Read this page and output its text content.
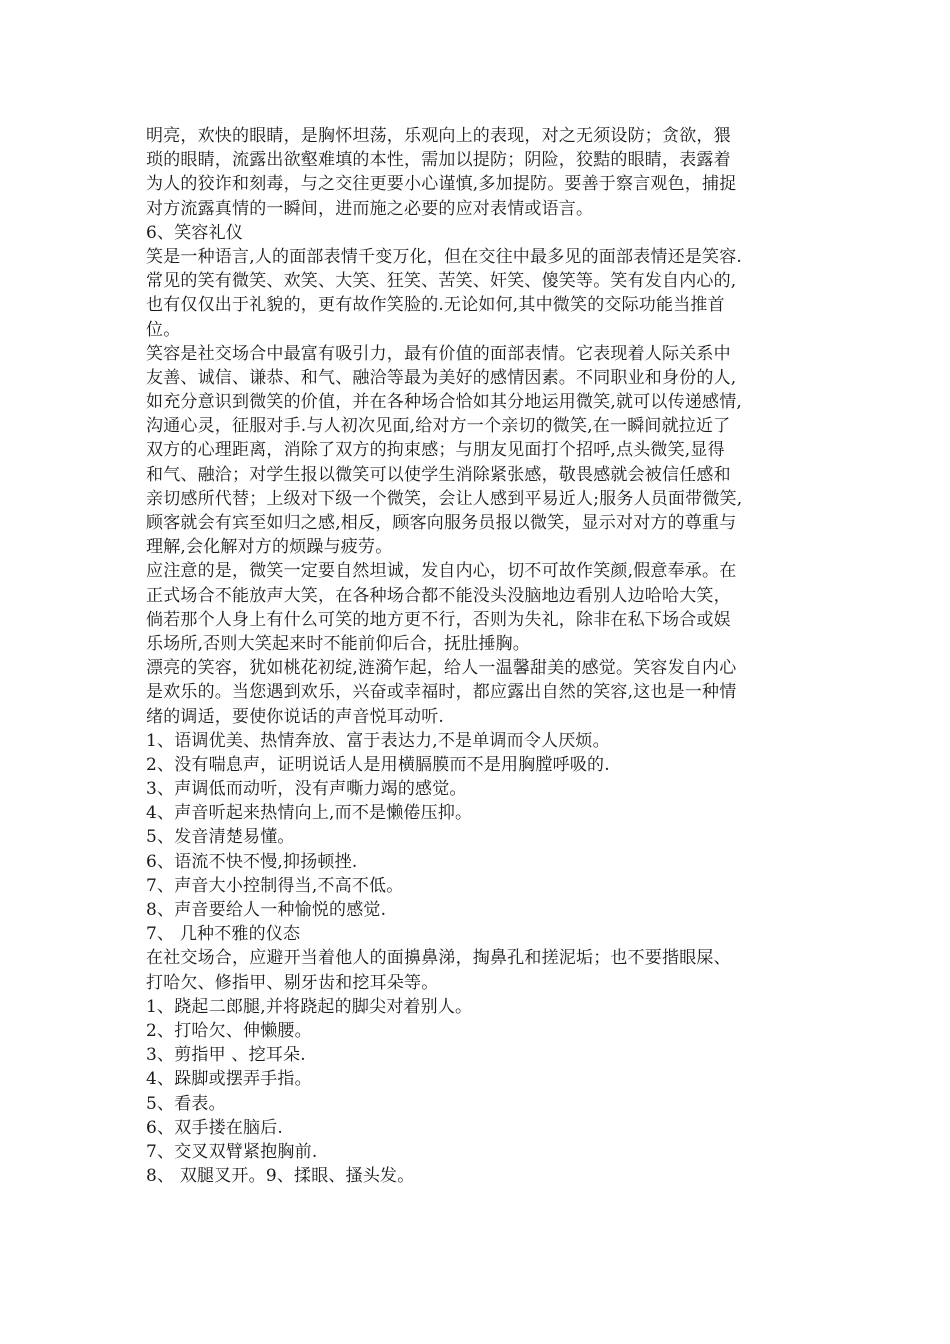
明亮，欢快的眼睛，是胸怀坦荡，乐观向上的表现，对之无须设防；贪欲，猥
琐的眼睛，流露出欲壑难填的本性，需加以提防；阴险，狡黠的眼睛，表露着
为人的狡诈和刻毒，与之交往更要小心谨慎,多加提防。要善于察言观色，捕捉
对方流露真情的一瞬间，进而施之必要的应对表情或语言。
6、笑容礼仪
笑是一种语言,人的面部表情千变万化，但在交往中最多见的面部表情还是笑容.
常见的笑有微笑、欢笑、大笑、狂笑、苦笑、奸笑、傻笑等。笑有发自内心的,
也有仅仅出于礼貌的，更有故作笑脸的.无论如何,其中微笑的交际功能当推首
位。
笑容是社交场合中最富有吸引力，最有价值的面部表情。它表现着人际关系中
友善、诚信、谦恭、和气、融洽等最为美好的感情因素。不同职业和身份的人,
如充分意识到微笑的价值，并在各种场合恰如其分地运用微笑,就可以传递感情,
沟通心灵，征服对手.与人初次见面,给对方一个亲切的微笑,在一瞬间就拉近了
双方的心理距离，消除了双方的拘束感；与朋友见面打个招呼,点头微笑,显得
和气、融洽；对学生报以微笑可以使学生消除紧张感，敬畏感就会被信任感和
亲切感所代替；上级对下级一个微笑，会让人感到平易近人;服务人员面带微笑,
顾客就会有宾至如归之感,相反，顾客向服务员报以微笑，显示对对方的尊重与
理解,会化解对方的烦躁与疲劳。
应注意的是，微笑一定要自然坦诚，发自内心，切不可故作笑颜,假意奉承。在
正式场合不能放声大笑，在各种场合都不能没头没脑地边看别人边哈哈大笑，
倘若那个人身上有什么可笑的地方更不行，否则为失礼，除非在私下场合或娱
乐场所,否则大笑起来时不能前仰后合，抚肚捶胸。
漂亮的笑容，犹如桃花初绽,涟漪乍起，给人一温馨甜美的感觉。笑容发自内心
是欢乐的。当您遇到欢乐，兴奋或幸福时，都应露出自然的笑容,这也是一种情
绪的调适，要使你说话的声音悦耳动听.
1、语调优美、热情奔放、富于表达力,不是单调而令人厌烦。
2、没有喘息声，证明说话人是用横膈膜而不是用胸膛呼吸的.
3、声调低而动听，没有声嘶力竭的感觉。
4、声音听起来热情向上,而不是懒倦压抑。
5、发音清楚易懂。
6、语流不快不慢,抑扬顿挫.
7、声音大小控制得当,不高不低。
8、声音要给人一种愉悦的感觉.
7、 几种不雅的仪态
在社交场合，应避开当着他人的面擤鼻涕，掏鼻孔和搓泥垢；也不要揩眼屎、
打哈欠、修指甲、剔牙齿和挖耳朵等。
1、跷起二郎腿,并将跷起的脚尖对着别人。
2、打哈欠、伸懒腰。
3、剪指甲 、挖耳朵.
4、跺脚或摆弄手指。
5、看表。
6、双手搂在脑后.
7、交叉双臂紧抱胸前.
8、 双腿叉开。9、揉眼、搔头发。
